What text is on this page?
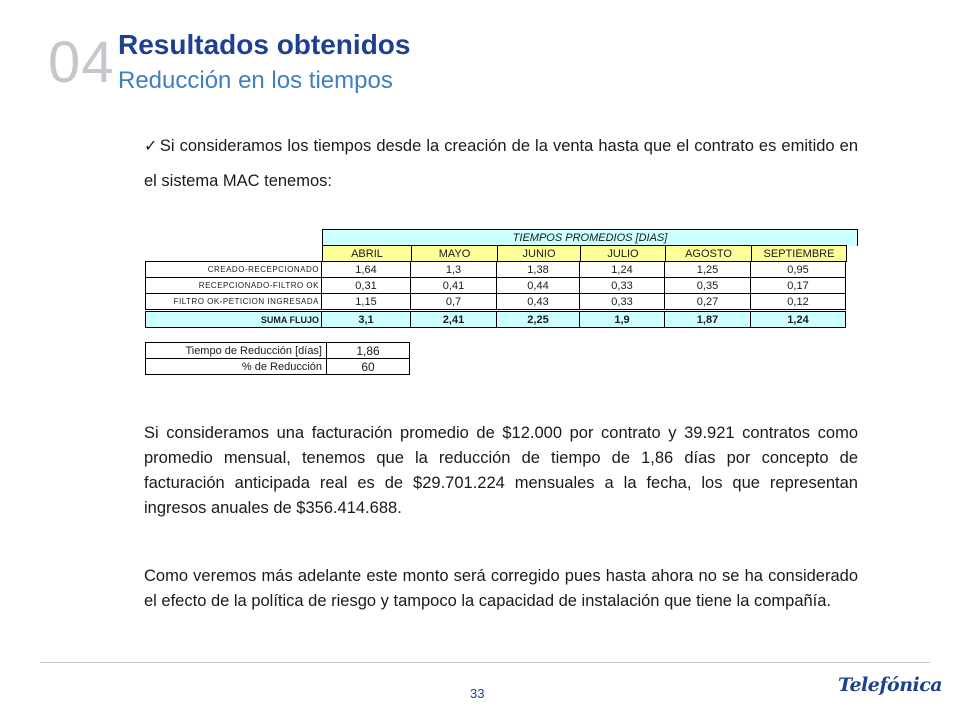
04 Resultados obtenidos
Reducción en los tiempos
✓ Si consideramos los tiempos desde la creación de la venta hasta que el contrato es emitido en el sistema MAC tenemos:
TIEMPOS PROMEDIOS [DIAS]
ABRIL	MAYO	JUNIO	JULIO	AGOSTO	SEPTIEMBRE
CREADO-RECEPCIONADO	1,64	1,3	1,38	1,24	1,25	0,95
RECEPCIONADO-FILTRO OK	0,31	0,41	0,44	0,33	0,35	0,17
FILTRO OK-PETICION INGRESADA	1,15	0,7	0,43	0,33	0,27	0,12
SUMA FLUJO	3,1	2,41	2,25	1,9	1,87	1,24
Tiempo de Reducción [días]	1,86
% de Reducción	60

Si consideramos una facturación promedio de $12.000 por contrato y 39.921 contratos como promedio mensual, tenemos que la reducción de tiempo de 1,86 días por concepto de facturación anticipada real es de $29.701.224 mensuales a la fecha, los que representan ingresos anuales de $356.414.688.

Como veremos más adelante este monto será corregido pues hasta ahora no se ha considerado el efecto de la política de riesgo y tampoco la capacidad de instalación que tiene la compañía.

33	Telefónica
